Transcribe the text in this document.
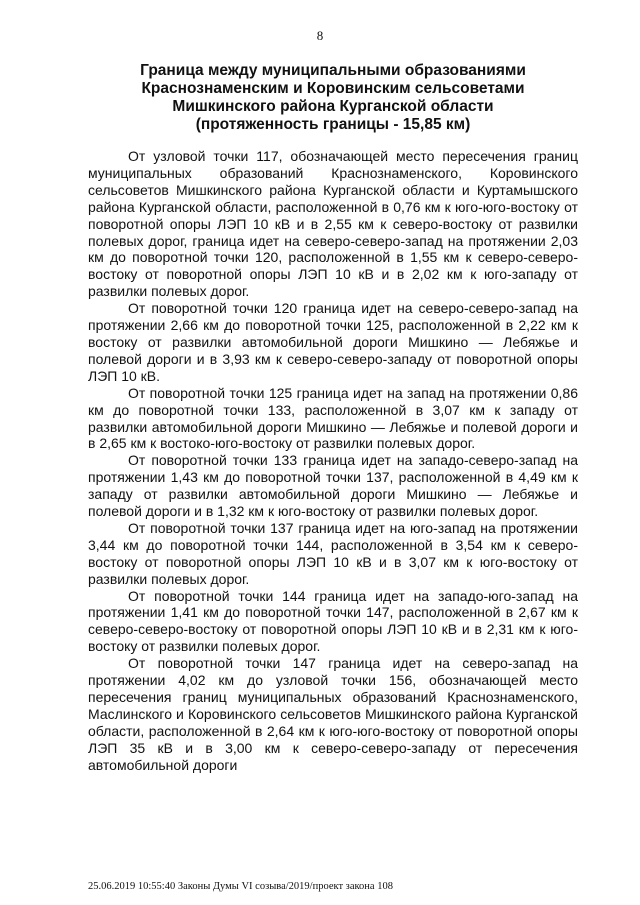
8
Граница между муниципальными образованиями
Краснознаменским и Коровинским сельсоветами
Мишкинского района Курганской области
(протяженность границы - 15,85 км)

От узловой точки 117, обозначающей место пересечения границ муниципальных образований Краснознаменского, Коровинского сельсоветов Мишкинского района Курганской области и Куртамышского района Курганской области, расположенной в 0,76 км к юго-юго-востоку от поворотной опоры ЛЭП 10 кВ и в 2,55 км к северо-востоку от развилки полевых дорог, граница идет на северо-северо-запад на протяжении 2,03 км до поворотной точки 120, расположенной в 1,55 км к северо-северо-востоку от поворотной опоры ЛЭП 10 кВ и в 2,02 км к юго-западу от развилки полевых дорог.

От поворотной точки 120 граница идет на северо-северо-запад на протяжении 2,66 км до поворотной точки 125, расположенной в 2,22 км к востоку от развилки автомобильной дороги Мишкино — Лебяжье и полевой дороги и в 3,93 км к северо-северо-западу от поворотной опоры ЛЭП 10 кВ.

От поворотной точки 125 граница идет на запад на протяжении 0,86 км до поворотной точки 133, расположенной в 3,07 км к западу от развилки автомобильной дороги Мишкино — Лебяжье и полевой дороги и в 2,65 км к востоко-юго-востоку от развилки полевых дорог.

От поворотной точки 133 граница идет на западо-северо-запад на протяжении 1,43 км до поворотной точки 137, расположенной в 4,49 км к западу от развилки автомобильной дороги Мишкино — Лебяжье и полевой дороги и в 1,32 км к юго-востоку от развилки полевых дорог.

От поворотной точки 137 граница идет на юго-запад на протяжении 3,44 км до поворотной точки 144, расположенной в 3,54 км к северо-востоку от поворотной опоры ЛЭП 10 кВ и в 3,07 км к юго-востоку от развилки полевых дорог.

От поворотной точки 144 граница идет на западо-юго-запад на протяжении 1,41 км до поворотной точки 147, расположенной в 2,67 км к северо-северо-востоку от поворотной опоры ЛЭП 10 кВ и в 2,31 км к юго-востоку от развилки полевых дорог.

От поворотной точки 147 граница идет на северо-запад на протяжении 4,02 км до узловой точки 156, обозначающей место пересечения границ муниципальных образований Краснознаменского, Маслинского и Коровинского сельсоветов Мишкинского района Курганской области, расположенной в 2,64 км к юго-юго-востоку от поворотной опоры ЛЭП 35 кВ и в 3,00 км к северо-северо-западу от пересечения автомобильной дороги

25.06.2019 10:55:40 Законы Думы VI созыва/2019/проект закона 108
